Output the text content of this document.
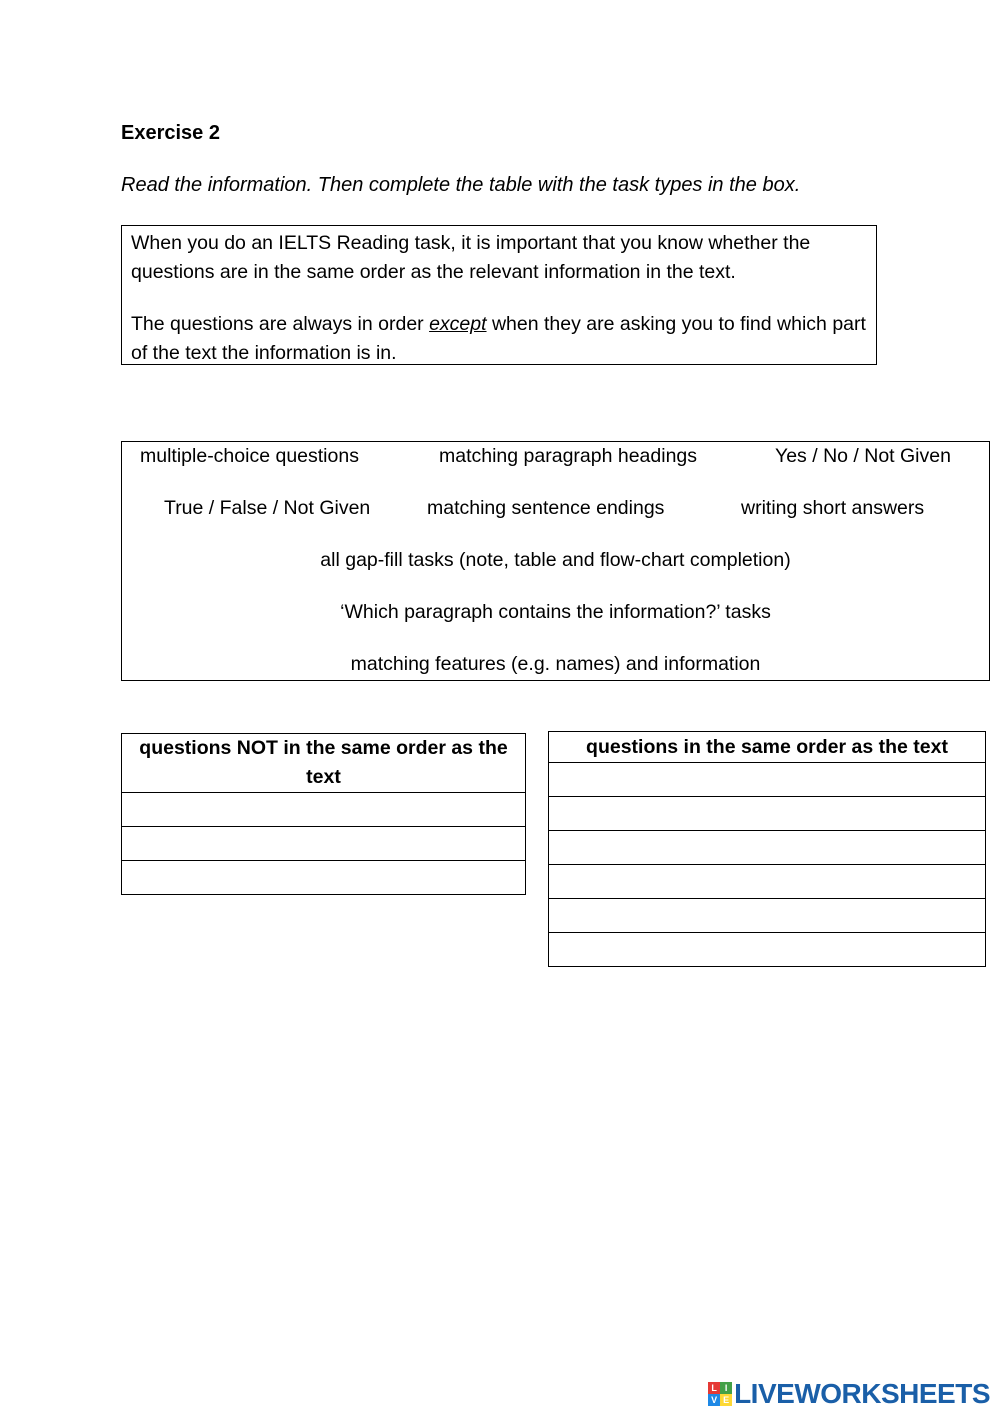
Exercise 2
Read the information. Then complete the table with the task types in the box.

When you do an IELTS Reading task, it is important that you know whether the questions are in the same order as the relevant information in the text.

The questions are always in order except when they are asking you to find which part of the text the information is in.

multiple-choice questions	matching paragraph headings	Yes / No / Not Given
True / False / Not Given	matching sentence endings	writing short answers
all gap-fill tasks (note, table and flow-chart completion)
‘Which paragraph contains the information?’ tasks
matching features (e.g. names) and information
questions NOT in the same order as the text

questions in the same order as the text

L I
V E LIVEWORKSHEETS
